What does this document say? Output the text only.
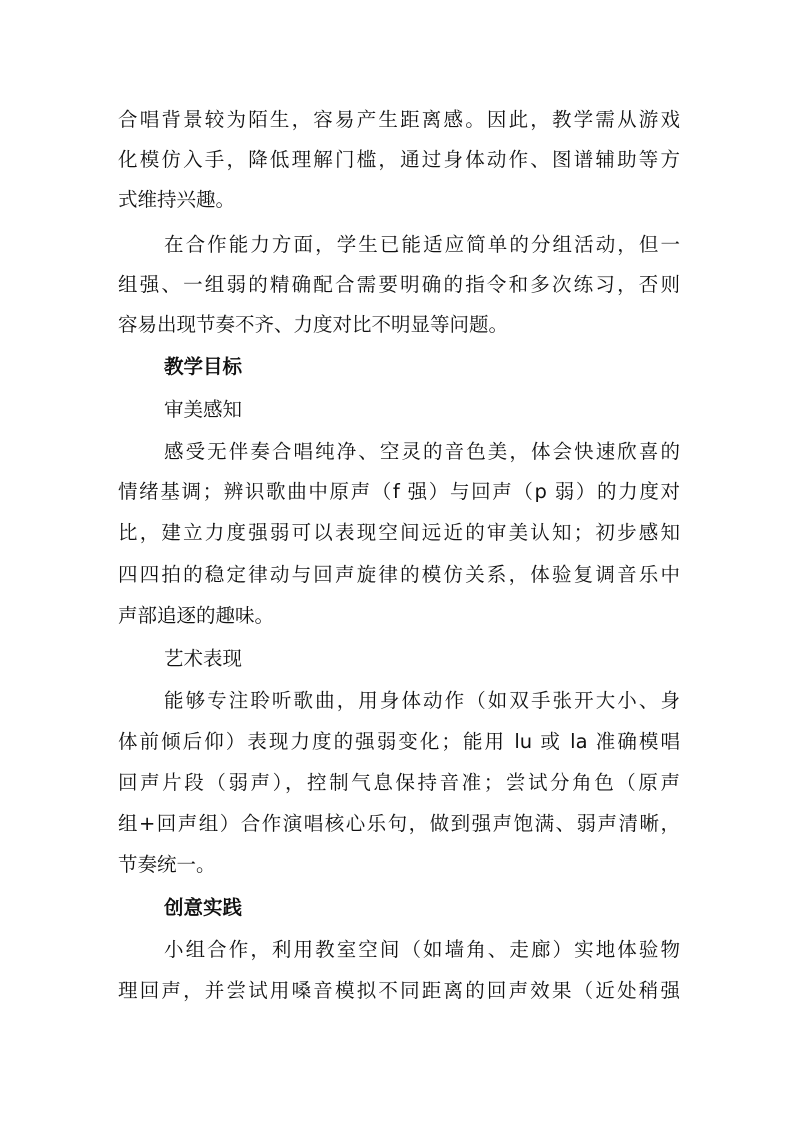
合唱背景较为陌生，容易产生距离感。因此，教学需从游戏
化模仿入手，降低理解门槛，通过身体动作、图谱辅助等方
式维持兴趣。
在合作能力方面，学生已能适应简单的分组活动，但一
组强、一组弱的精确配合需要明确的指令和多次练习，否则
容易出现节奏不齐、力度对比不明显等问题。
教学目标
审美感知
感受无伴奏合唱纯净、空灵的音色美，体会快速欣喜的
情绪基调；辨识歌曲中原声（f 强）与回声（p 弱）的力度对
比，建立力度强弱可以表现空间远近的审美认知；初步感知
四四拍的稳定律动与回声旋律的模仿关系，体验复调音乐中
声部追逐的趣味。
艺术表现
能够专注聆听歌曲，用身体动作（如双手张开大小、身
体前倾后仰）表现力度的强弱变化；能用 lu 或 la 准确模唱
回声片段（弱声），控制气息保持音准；尝试分角色（原声
组+回声组）合作演唱核心乐句，做到强声饱满、弱声清晰，
节奏统一。
创意实践
小组合作，利用教室空间（如墙角、走廊）实地体验物
理回声，并尝试用嗓音模拟不同距离的回声效果（近处稍强
